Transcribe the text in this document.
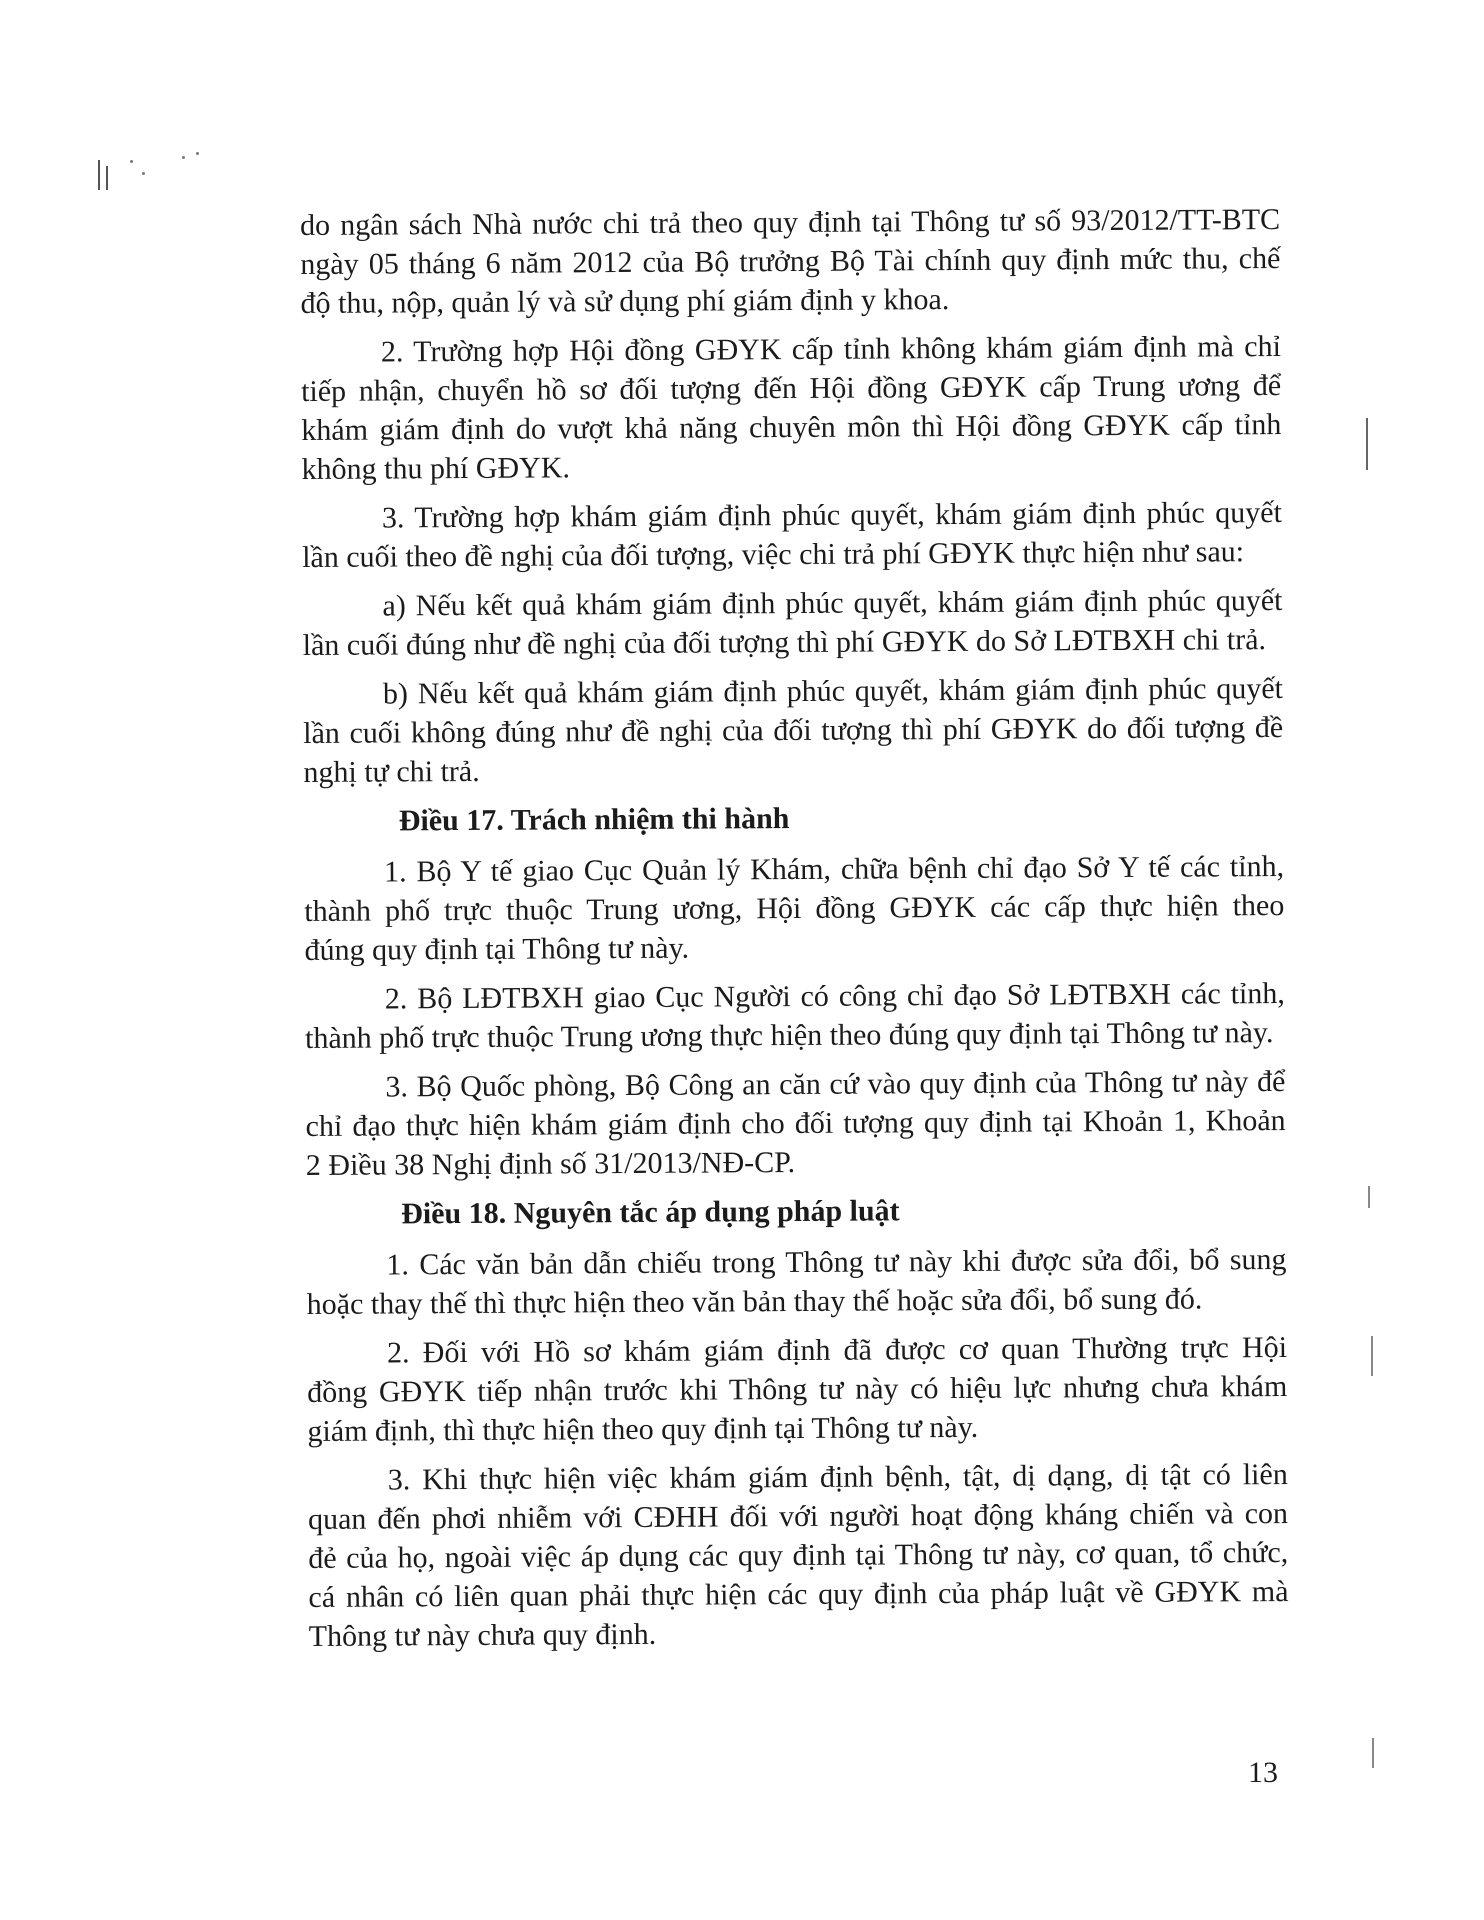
do ngân sách Nhà nước chi trả theo quy định tại Thông tư số 93/2012/TT-BTC
ngày 05 tháng 6 năm 2012 của Bộ trưởng Bộ Tài chính quy định mức thu, chế
độ thu, nộp, quản lý và sử dụng phí giám định y khoa.
2. Trường hợp Hội đồng GĐYK cấp tỉnh không khám giám định mà chỉ
tiếp nhận, chuyển hồ sơ đối tượng đến Hội đồng GĐYK cấp Trung ương để
khám giám định do vượt khả năng chuyên môn thì Hội đồng GĐYK cấp tỉnh
không thu phí GĐYK.
3. Trường hợp khám giám định phúc quyết, khám giám định phúc quyết
lần cuối theo đề nghị của đối tượng, việc chi trả phí GĐYK thực hiện như sau:
a) Nếu kết quả khám giám định phúc quyết, khám giám định phúc quyết
lần cuối đúng như đề nghị của đối tượng thì phí GĐYK do Sở LĐTBXH chi trả.
b) Nếu kết quả khám giám định phúc quyết, khám giám định phúc quyết
lần cuối không đúng như đề nghị của đối tượng thì phí GĐYK do đối tượng đề
nghị tự chi trả.
Điều 17. Trách nhiệm thi hành
1. Bộ Y tế giao Cục Quản lý Khám, chữa bệnh chỉ đạo Sở Y tế các tỉnh,
thành phố trực thuộc Trung ương, Hội đồng GĐYK các cấp thực hiện theo
đúng quy định tại Thông tư này.
2. Bộ LĐTBXH giao Cục Người có công chỉ đạo Sở LĐTBXH các tỉnh,
thành phố trực thuộc Trung ương thực hiện theo đúng quy định tại Thông tư này.
3. Bộ Quốc phòng, Bộ Công an căn cứ vào quy định của Thông tư này để
chỉ đạo thực hiện khám giám định cho đối tượng quy định tại Khoản 1, Khoản
2 Điều 38 Nghị định số 31/2013/NĐ-CP.
Điều 18. Nguyên tắc áp dụng pháp luật
1. Các văn bản dẫn chiếu trong Thông tư này khi được sửa đổi, bổ sung
hoặc thay thế thì thực hiện theo văn bản thay thế hoặc sửa đổi, bổ sung đó.
2. Đối với Hồ sơ khám giám định đã được cơ quan Thường trực Hội
đồng GĐYK tiếp nhận trước khi Thông tư này có hiệu lực nhưng chưa khám
giám định, thì thực hiện theo quy định tại Thông tư này.
3. Khi thực hiện việc khám giám định bệnh, tật, dị dạng, dị tật có liên
quan đến phơi nhiễm với CĐHH đối với người hoạt động kháng chiến và con
đẻ của họ, ngoài việc áp dụng các quy định tại Thông tư này, cơ quan, tổ chức,
cá nhân có liên quan phải thực hiện các quy định của pháp luật về GĐYK mà
Thông tư này chưa quy định.
13
